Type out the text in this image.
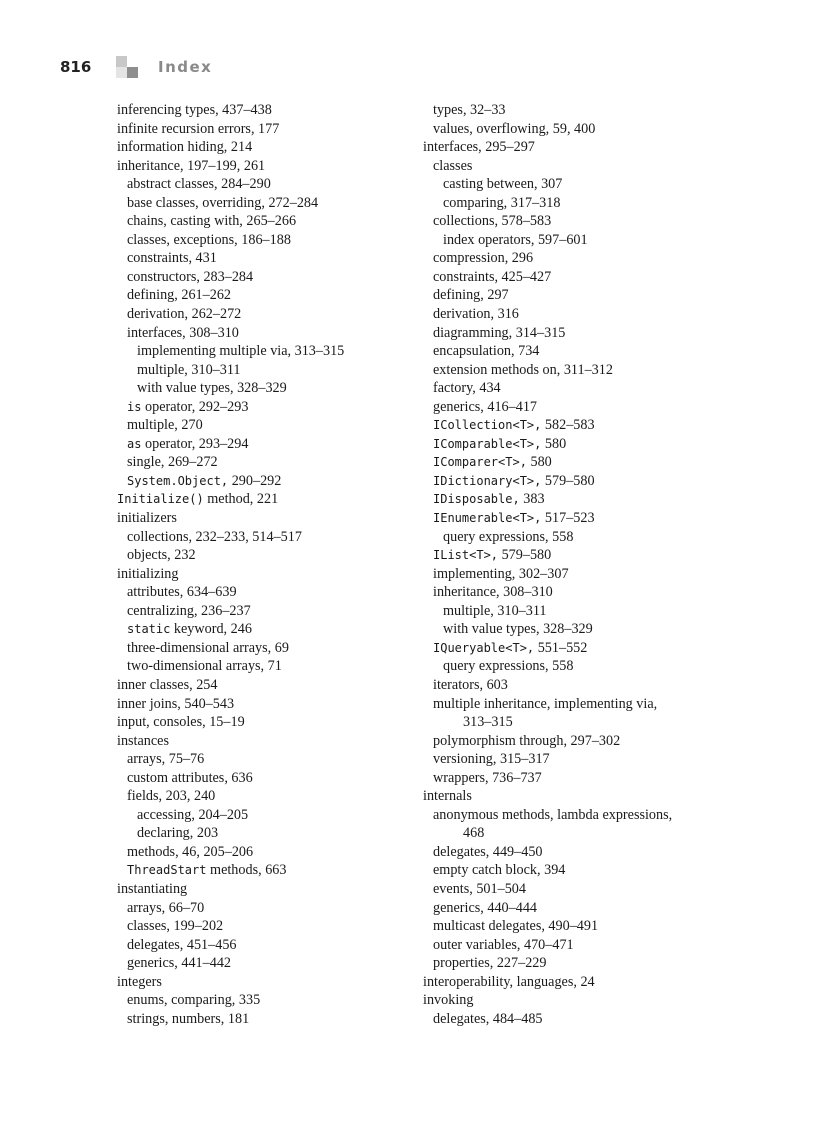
816	Index
inferencing types, 437–438
infinite recursion errors, 177
information hiding, 214
inheritance, 197–199, 261
abstract classes, 284–290
base classes, overriding, 272–284
chains, casting with, 265–266
classes, exceptions, 186–188
constraints, 431
constructors, 283–284
defining, 261–262
derivation, 262–272
interfaces, 308–310
implementing multiple via, 313–315
multiple, 310–311
with value types, 328–329
is operator, 292–293
multiple, 270
as operator, 293–294
single, 269–272
System.Object, 290–292
Initialize() method, 221
initializers
collections, 232–233, 514–517
objects, 232
initializing
attributes, 634–639
centralizing, 236–237
static keyword, 246
three-dimensional arrays, 69
two-dimensional arrays, 71
inner classes, 254
inner joins, 540–543
input, consoles, 15–19
instances
arrays, 75–76
custom attributes, 636
fields, 203, 240
accessing, 204–205
declaring, 203
methods, 46, 205–206
ThreadStart methods, 663
instantiating
arrays, 66–70
classes, 199–202
delegates, 451–456
generics, 441–442
integers
enums, comparing, 335
strings, numbers, 181
types, 32–33
values, overflowing, 59, 400
interfaces, 295–297
classes
casting between, 307
comparing, 317–318
collections, 578–583
index operators, 597–601
compression, 296
constraints, 425–427
defining, 297
derivation, 316
diagramming, 314–315
encapsulation, 734
extension methods on, 311–312
factory, 434
generics, 416–417
ICollection<T>, 582–583
IComparable<T>, 580
IComparer<T>, 580
IDictionary<T>, 579–580
IDisposable, 383
IEnumerable<T>, 517–523
query expressions, 558
IList<T>, 579–580
implementing, 302–307
inheritance, 308–310
multiple, 310–311
with value types, 328–329
IQueryable<T>, 551–552
query expressions, 558
iterators, 603
multiple inheritance, implementing via,
313–315
polymorphism through, 297–302
versioning, 315–317
wrappers, 736–737
internals
anonymous methods, lambda expressions,
468
delegates, 449–450
empty catch block, 394
events, 501–504
generics, 440–444
multicast delegates, 490–491
outer variables, 470–471
properties, 227–229
interoperability, languages, 24
invoking
delegates, 484–485
